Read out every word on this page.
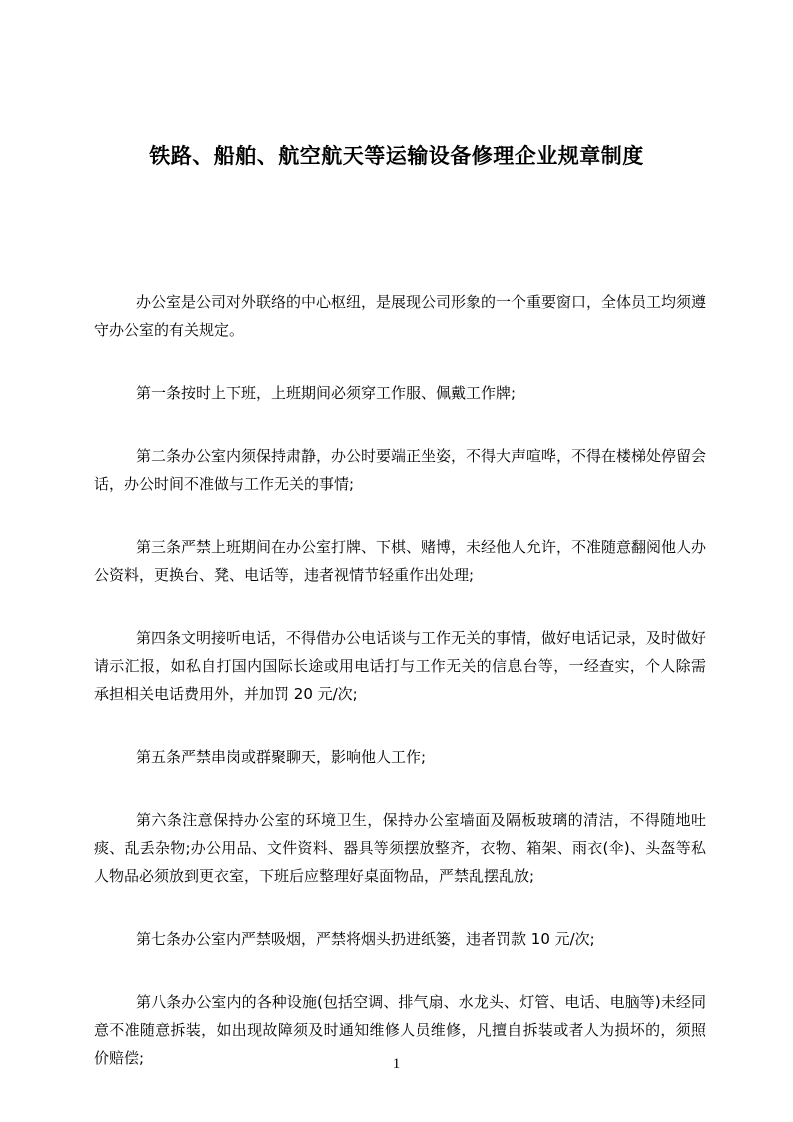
铁路、船舶、航空航天等运输设备修理企业规章制度

办公室是公司对外联络的中心枢纽，是展现公司形象的一个重要窗口，全体员工均须遵守办公室的有关规定。

第一条按时上下班，上班期间必须穿工作服、佩戴工作牌;

第二条办公室内须保持肃静，办公时要端正坐姿，不得大声喧哗，不得在楼梯处停留会话，办公时间不准做与工作无关的事情;

第三条严禁上班期间在办公室打牌、下棋、赌博，未经他人允许，不准随意翻阅他人办公资料，更换台、凳、电话等，违者视情节轻重作出处理;

第四条文明接听电话，不得借办公电话谈与工作无关的事情，做好电话记录，及时做好请示汇报，如私自打国内国际长途或用电话打与工作无关的信息台等，一经查实，个人除需承担相关电话费用外，并加罚 20 元/次;

第五条严禁串岗或群聚聊天，影响他人工作;

第六条注意保持办公室的环境卫生，保持办公室墙面及隔板玻璃的清洁，不得随地吐痰、乱丢杂物;办公用品、文件资料、器具等须摆放整齐，衣物、箱架、雨衣(伞)、头盔等私人物品必须放到更衣室，下班后应整理好桌面物品，严禁乱摆乱放;

第七条办公室内严禁吸烟，严禁将烟头扔进纸篓，违者罚款 10 元/次;

第八条办公室内的各种设施(包括空调、排气扇、水龙头、灯管、电话、电脑等)未经同意不准随意拆装，如出现故障须及时通知维修人员维修，凡擅自拆装或者人为损坏的，须照价赔偿;	1
